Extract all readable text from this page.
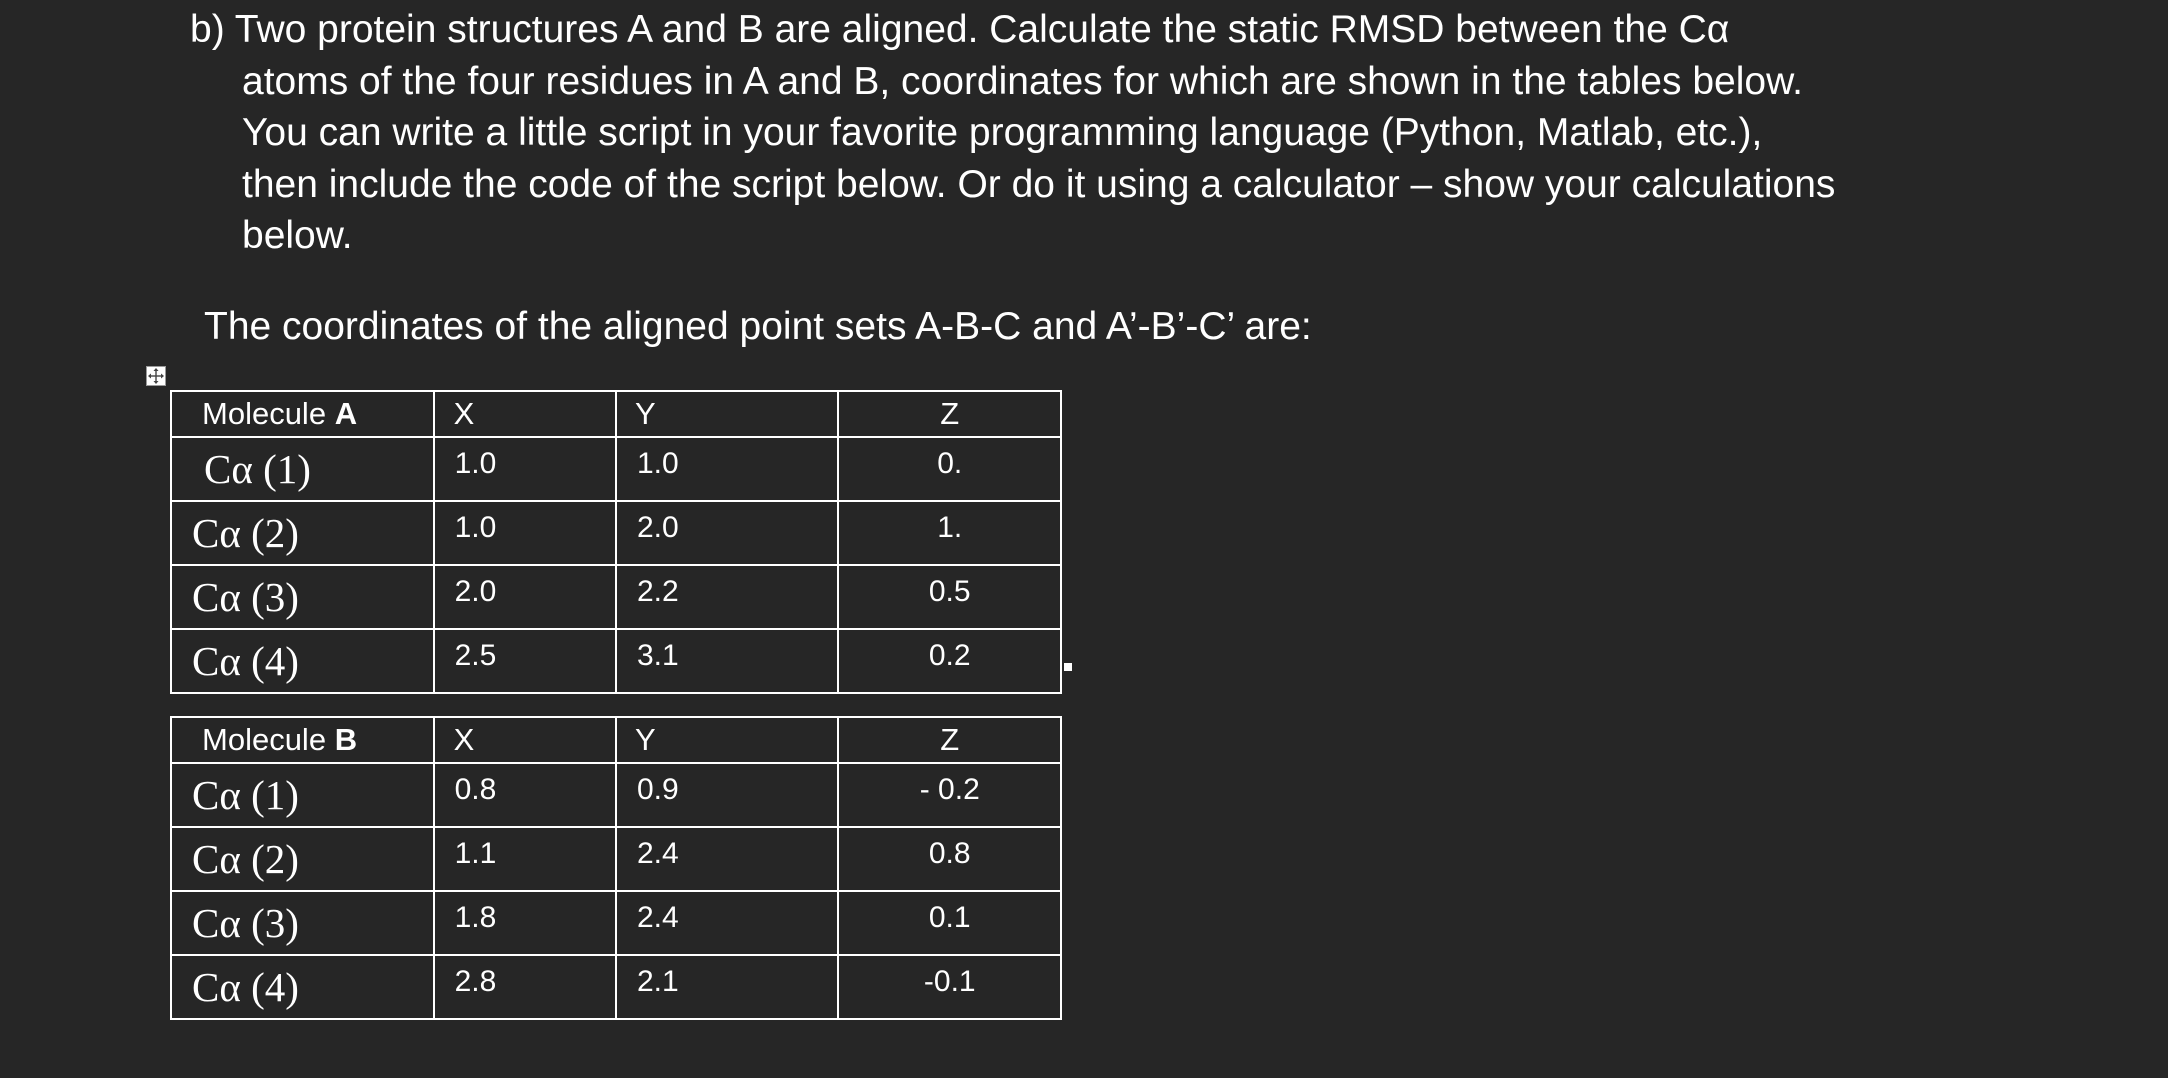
b) Two protein structures A and B are aligned. Calculate the static RMSD between the Cα
atoms of the four residues in A and B, coordinates for which are shown in the tables below.
You can write a little script in your favorite programming language (Python, Matlab, etc.),
then include the code of the script below. Or do it using a calculator – show your calculations
below.
The coordinates of the aligned point sets A-B-C and A’-B’-C’ are:
Molecule A	X	Y	Z
Cα (1)	1.0	1.0	0.
Cα (2)	1.0	2.0	1.
Cα (3)	2.0	2.2	0.5
Cα (4)	2.5	3.1	0.2
Molecule B	X	Y	Z
Cα (1)	0.8	0.9	- 0.2
Cα (2)	1.1	2.4	0.8
Cα (3)	1.8	2.4	0.1
Cα (4)	2.8	2.1	-0.1
